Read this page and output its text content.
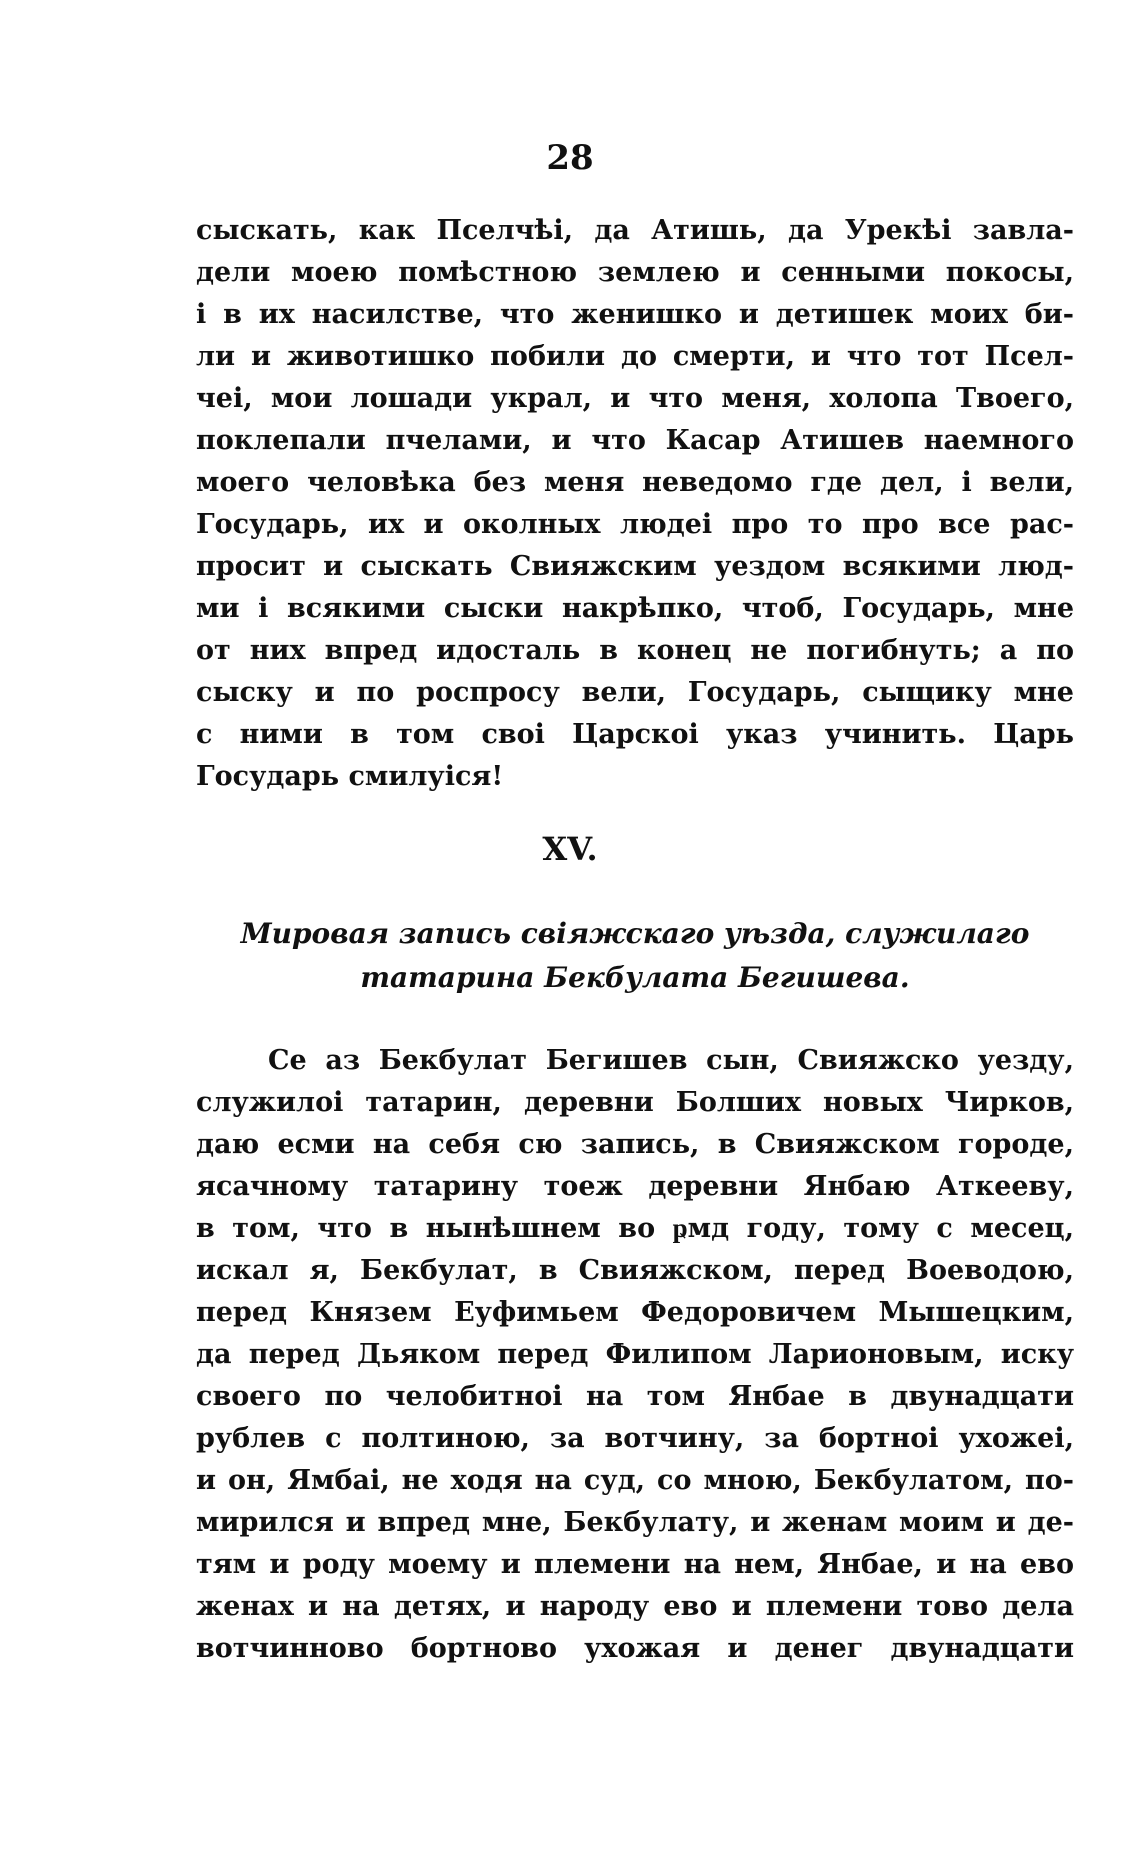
28

сыскать, как Пселчѣі, да Атишь, да Урекѣі завла-
дели моею помѣстною землею и сенными покосы,
і в их насилстве, что женишко и детишек моих би-
ли и животишко побили до смерти, и что тот Псел-
чеі, мои лошади украл, и что меня, холопа Твоего,
поклепали пчелами, и что Касар Атишев наемного
моего человѣка без меня неведомо где дел, і вели,
Государь, их и околных людеі про то про все рас-
просит и сыскать Свияжским уездом всякими люд-
ми і всякими сыски накрѣпко, чтоб, Государь, мне
от них впред идосталь в конец не погибнуть; а по
сыску и по роспросу вели, Государь, сыщику мне
с ними в том своі Царскоі указ учинить. Царь
Государь смилуіся!

XV.

Мировая запись свіяжскаго уѣзда, служилаго
татарина Бекбулата Бегишева.
Се аз Бекбулат Бегишев сын, Свияжско уезду,
служилоі татарин, деревни Болших новых Чирков,
даю есми на себя сю запись, в Свияжском городе,
ясачному татарину тоеж деревни Янбаю Аткееву,
в том, что в нынѣшнем во ҏмд году, тому с месец,
искал я, Бекбулат, в Свияжском, перед Воеводою,
перед Князем Еуфимьем Федоровичем Мышецким,
да перед Дьяком перед Филипом Ларионовым, иску
своего по челобитноі на том Янбае в двунадцати
рублев с полтиною, за вотчину, за бортноі ухожеі,
и он, Ямбаі, не ходя на суд, со мною, Бекбулатом, по-
мирился и впред мне, Бекбулату, и женам моим и де-
тям и роду моему и племени на нем, Янбае, и на ево
женах и на детях, и народу ево и племени тово дела
вотчинново бортново ухожая и денег двунадцати
